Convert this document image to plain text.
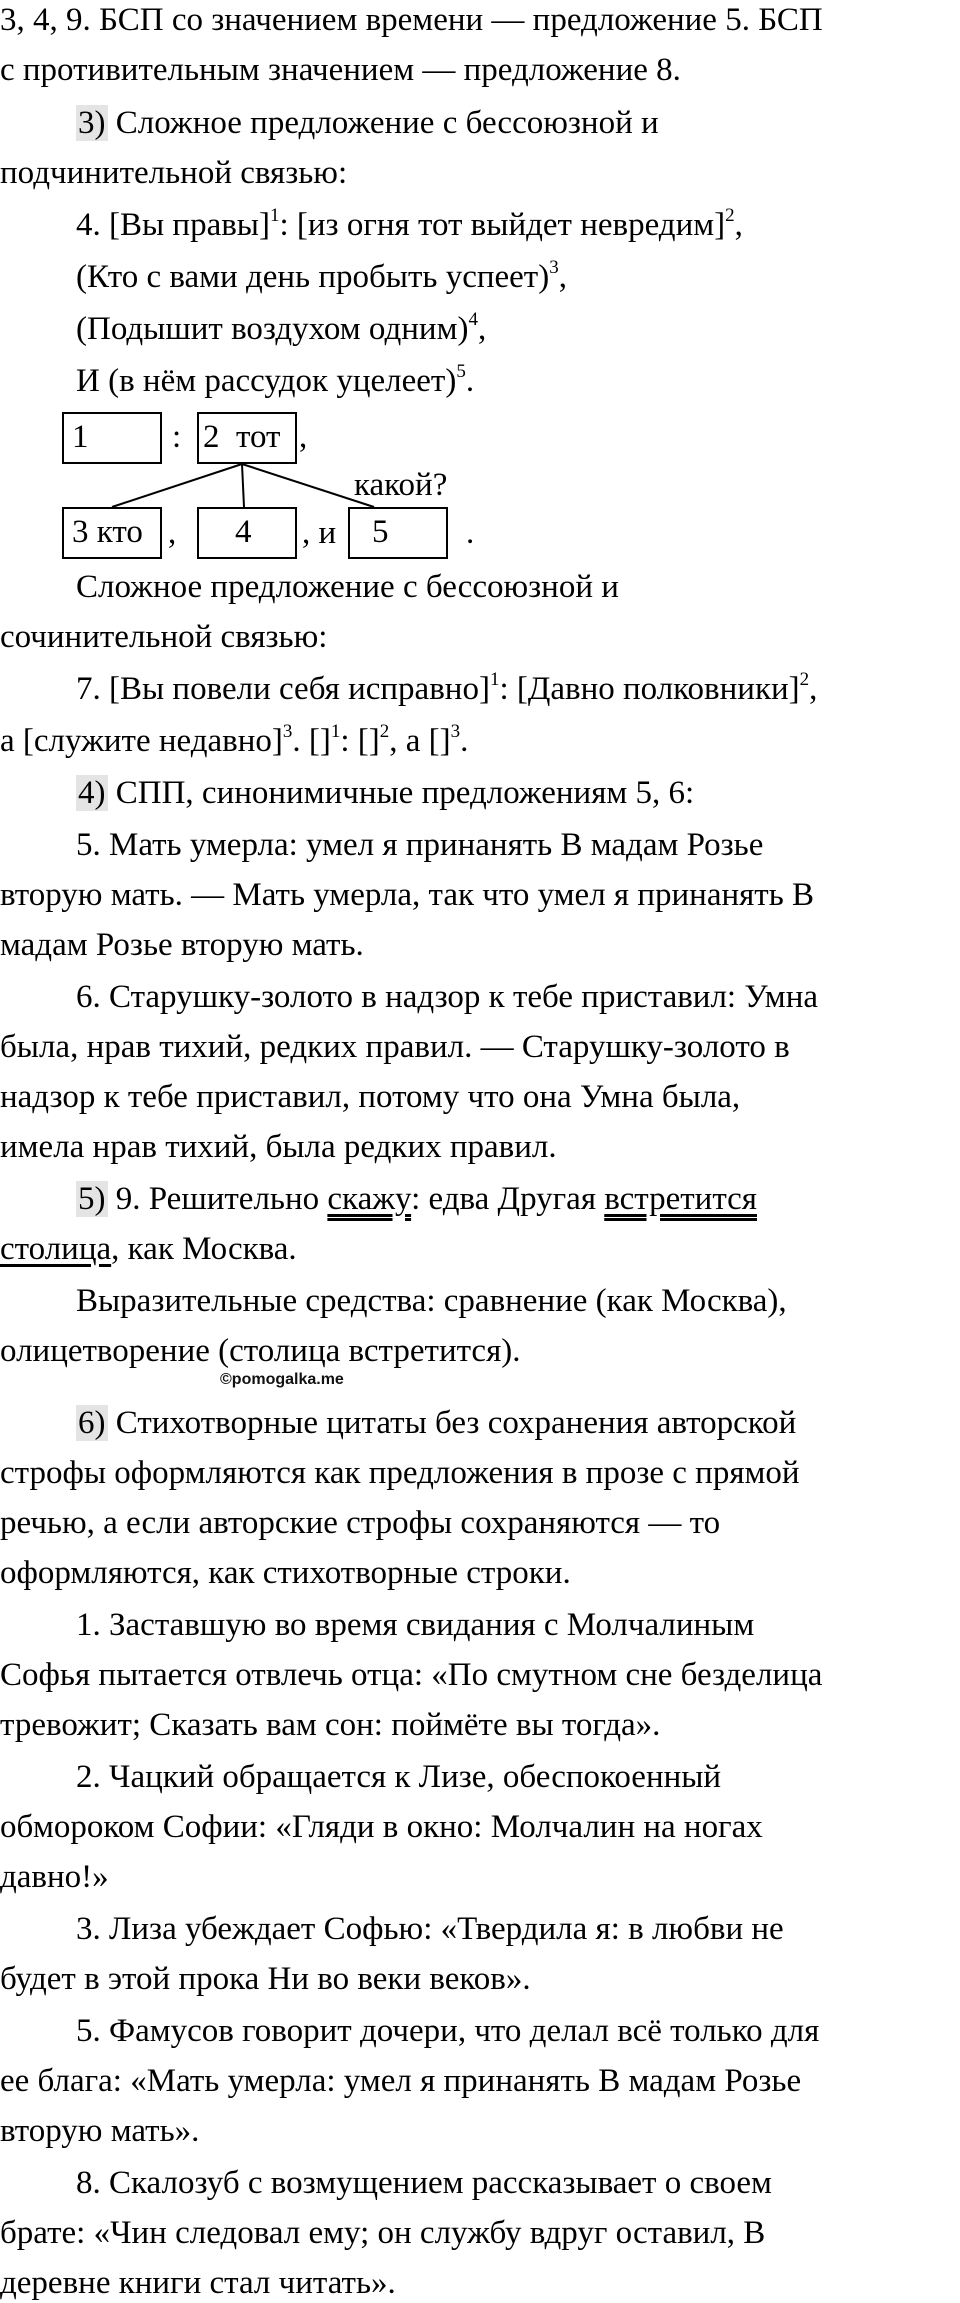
3, 4, 9. БСП со значением времени — предложение 5. БСП
с противительным значением — предложение 8.
3) Сложное предложение с бессоюзной и
подчинительной связью:
4. [Вы правы]$^1$: [из огня тот выйдет невредим]$^2$,
(Кто с вами день пробыть успеет)$^3$,
(Подышит воздухом одним)$^4$,
И (в нём рассудок уцелеет)$^5$.
Сложное предложение с бессоюзной и
сочинительной связью:
7. [Вы повели себя исправно]$^1$: [Давно полковники]$^2$,
а [служите недавно]$^3$. []$^1$: []$^2$, а []$^3$.
4) СПП, синонимичные предложениям 5, 6:
5. Мать умерла: умел я принанять В мадам Розье
вторую мать. — Мать умерла, так что умел я принанять В
мадам Розье вторую мать.
6. Старушку-золото в надзор к тебе приставил: Умна
была, нрав тихий, редких правил. — Старушку-золото в
надзор к тебе приставил, потому что она Умна была,
имела нрав тихий, была редких правил.
5) 9. Решительно скажу: едва Другая встретится
столица, как Москва.
Выразительные средства: сравнение (как Москва),
олицетворение (столица встретится).
6) Стихотворные цитаты без сохранения авторской
строфы оформляются как предложения в прозе с прямой
речью, а если авторские строфы сохраняются — то
оформляются, как стихотворные строки.
1. Заставшую во время свидания с Молчалиным
Софья пытается отвлечь отца: «По смутном сне безделица
тревожит; Сказать вам сон: поймёте вы тогда».
2. Чацкий обращается к Лизе, обеспокоенный
обмороком Софии: «Гляди в окно: Молчалин на ногах
давно!»
3. Лиза убеждает Софью: «Твердила я: в любви не
будет в этой прока Ни во веки веков».
5. Фамусов говорит дочери, что делал всё только для
ее блага: «Мать умерла: умел я принанять В мадам Розье
вторую мать».
8. Скалозуб с возмущением рассказывает о своем
брате: «Чин следовал ему; он службу вдруг оставил, В
деревне книги стал читать».
1	: 2  тот ,
какой?
3 кто ,	4	, и	5	.
©pomogalka.me
